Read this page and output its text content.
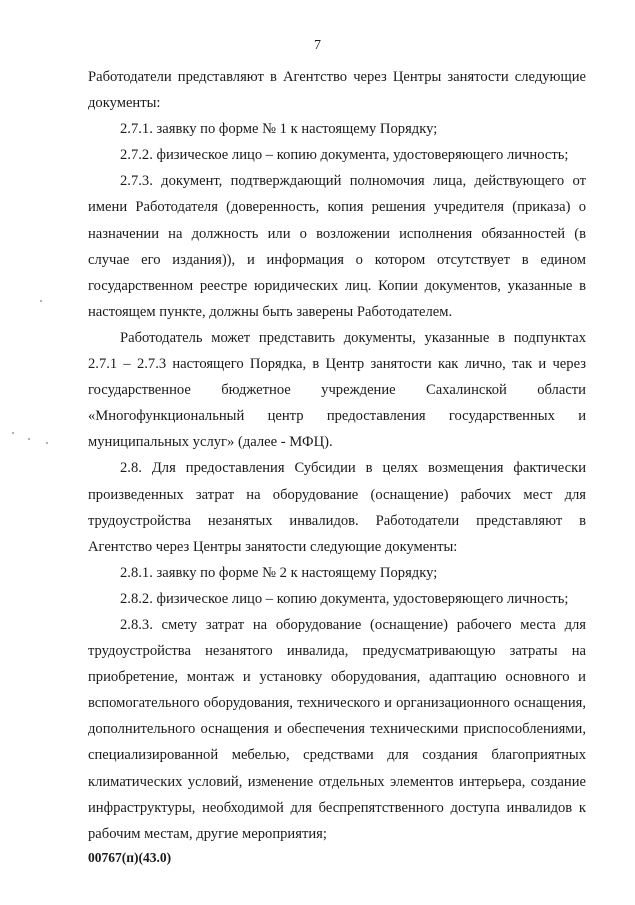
7

Работодатели представляют в Агентство через Центры занятости следующие документы:

2.7.1. заявку по форме № 1 к настоящему Порядку;

2.7.2. физическое лицо – копию документа, удостоверяющего личность;

2.7.3. документ, подтверждающий полномочия лица, действующего от имени Работодателя (доверенность, копия решения учредителя (приказа) о назначении на должность или о возложении исполнения обязанностей (в случае его издания)), и информация о котором отсутствует в едином государственном реестре юридических лиц. Копии документов, указанные в настоящем пункте, должны быть заверены Работодателем.

Работодатель может представить документы, указанные в подпунктах 2.7.1 – 2.7.3 настоящего Порядка, в Центр занятости как лично, так и через государственное бюджетное учреждение Сахалинской области «Многофункциональный центр предоставления государственных и муниципальных услуг» (далее - МФЦ).

2.8. Для предоставления Субсидии в целях возмещения фактически произведенных затрат на оборудование (оснащение) рабочих мест для трудоустройства незанятых инвалидов. Работодатели представляют в Агентство через Центры занятости следующие документы:

2.8.1. заявку по форме № 2 к настоящему Порядку;

2.8.2. физическое лицо – копию документа, удостоверяющего личность;

2.8.3. смету затрат на оборудование (оснащение) рабочего места для трудоустройства незанятого инвалида, предусматривающую затраты на приобретение, монтаж и установку оборудования, адаптацию основного и вспомогательного оборудования, технического и организационного оснащения, дополнительного оснащения и обеспечения техническими приспособлениями, специализированной мебелью, средствами для создания благоприятных климатических условий, изменение отдельных элементов интерьера, создание инфраструктуры, необходимой для беспрепятственного доступа инвалидов к рабочим местам, другие мероприятия;

00767(п)(43.0)
